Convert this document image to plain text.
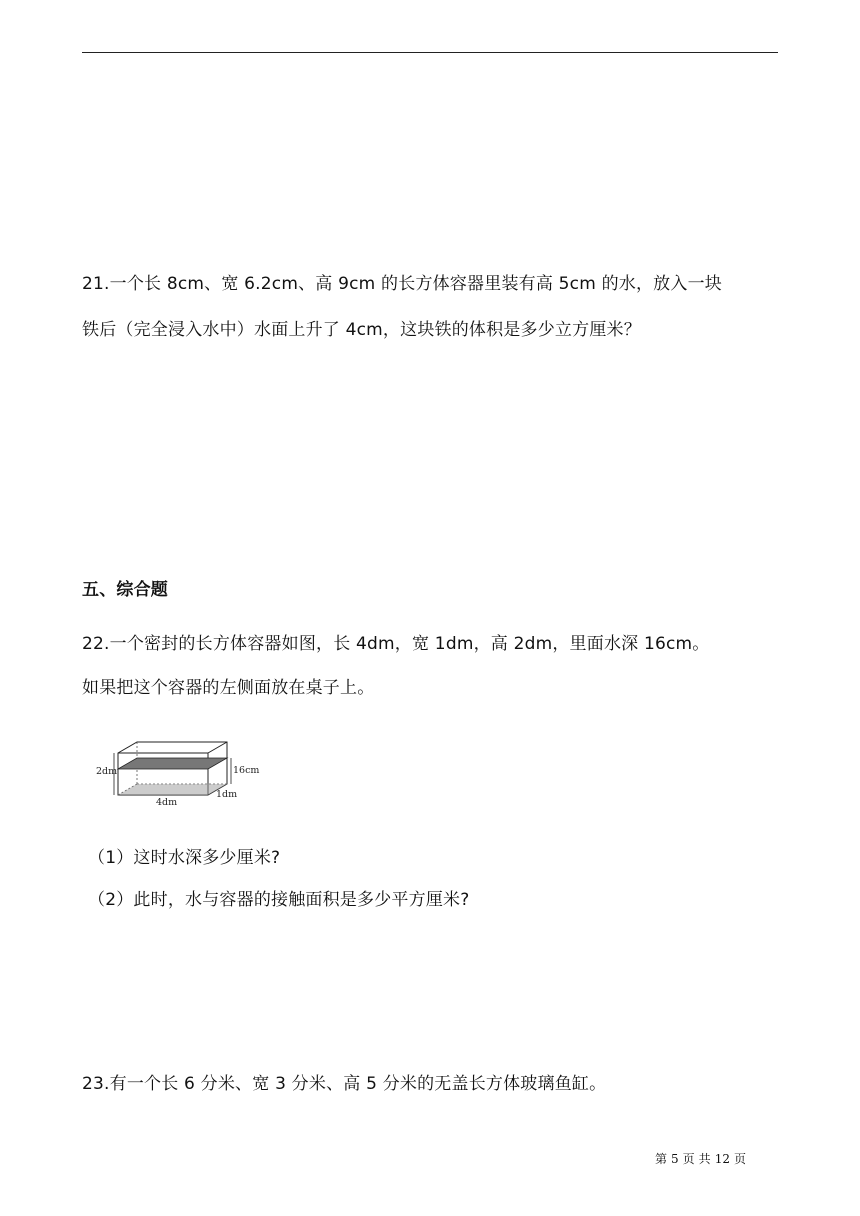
21.一个长 8cm、宽 6.2cm、高 9cm 的长方体容器里装有高 5cm 的水，放入一块
铁后（完全浸入水中）水面上升了 4cm，这块铁的体积是多少立方厘米？
五、综合题
22.一个密封的长方体容器如图，长 4dm，宽 1dm，高 2dm，里面水深 16cm。
如果把这个容器的左侧面放在桌子上。
2dm	16cm
4dm
1dm
（1）这时水深多少厘米?
（2）此时，水与容器的接触面积是多少平方厘米?
23.有一个长 6 分米、宽 3 分米、高 5 分米的无盖长方体玻璃鱼缸。
第 5 页 共 12 页
